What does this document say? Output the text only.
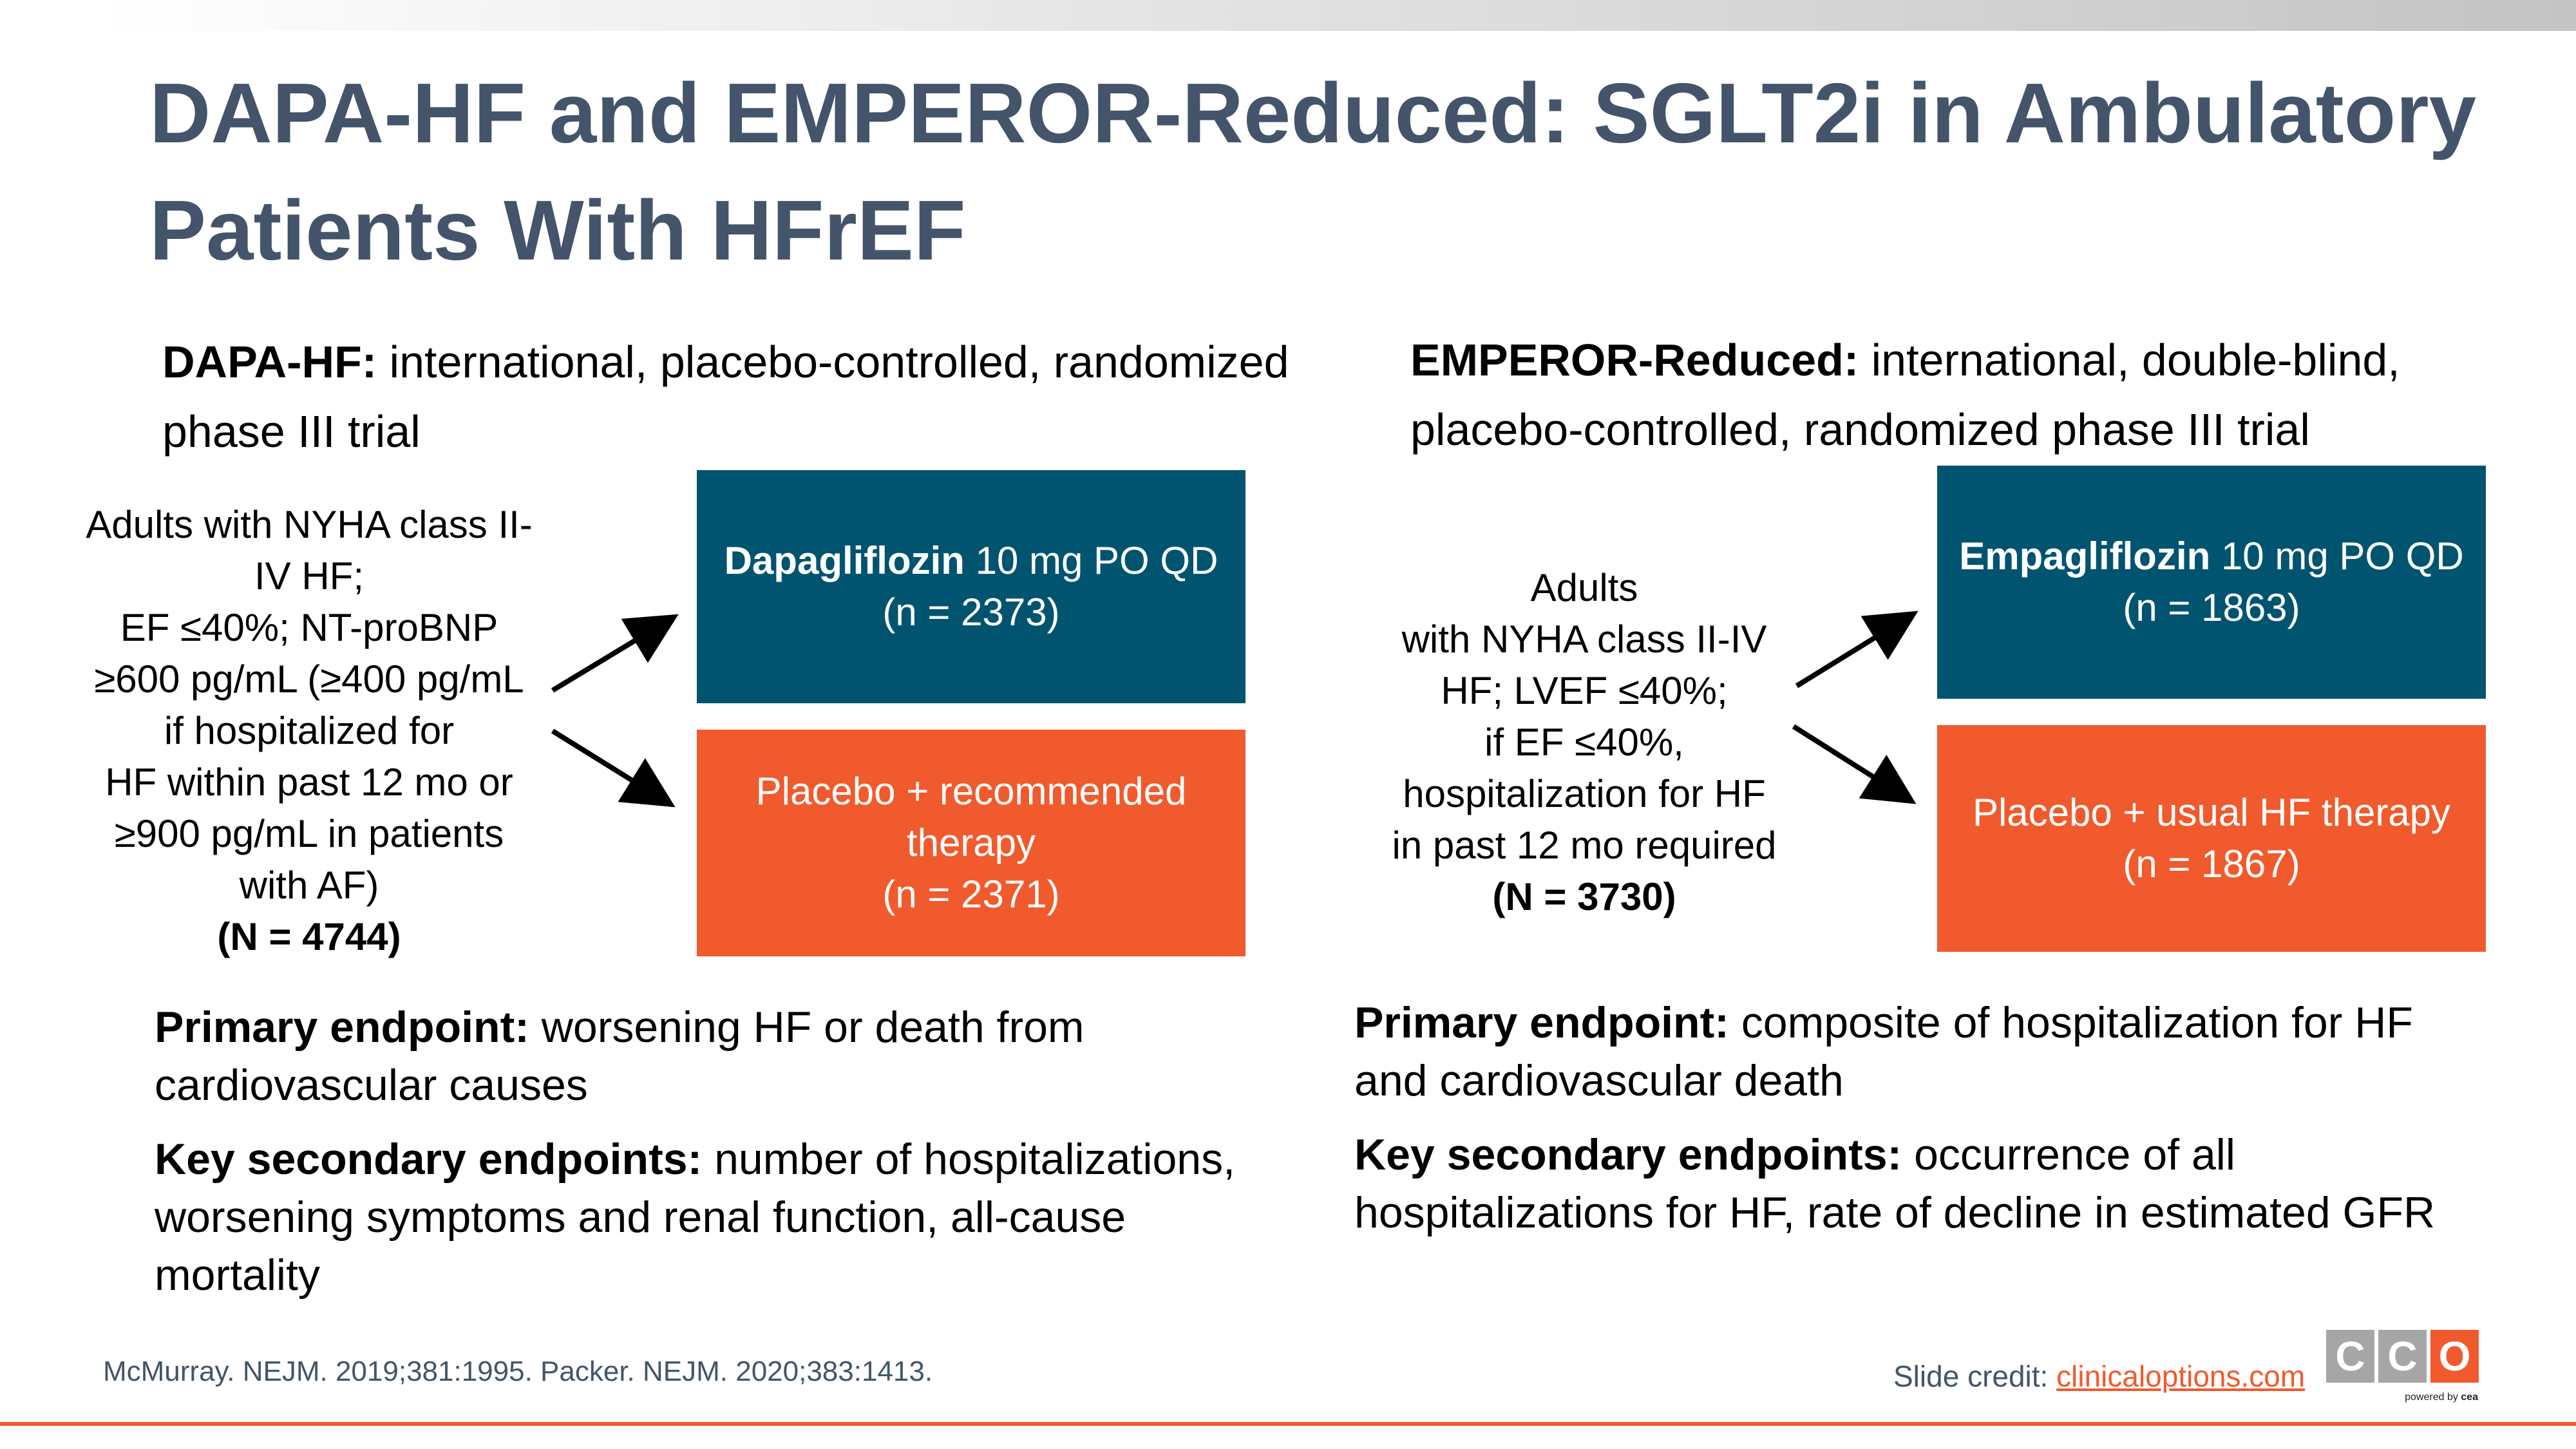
DAPA-HF and EMPEROR-Reduced: SGLT2i in Ambulatory Patients With HFrEF
DAPA-HF: international, placebo-controlled, randomized phase III trial
Adults with NYHA class II-
IV HF;
EF ≤40%; NT-proBNP
≥600 pg/mL (≥400 pg/mL
if hospitalized for
HF within past 12 mo or
≥900 pg/mL in patients
with AF)
(N = 4744)
Dapagliflozin 10 mg PO QD
(n = 2373)
Placebo + recommended
therapy
(n = 2371)
EMPEROR-Reduced: international, double-blind, placebo-controlled, randomized phase III trial
Adults
with NYHA class II-IV
HF; LVEF ≤40%;
if EF ≤40%,
hospitalization for HF
in past 12 mo required
(N = 3730)
Empagliflozin 10 mg PO QD
(n = 1863)
Placebo + usual HF therapy
(n = 1867)
Primary endpoint: worsening HF or death from cardiovascular causes
Key secondary endpoints: number of hospitalizations, worsening symptoms and renal function, all-cause mortality
Primary endpoint: composite of hospitalization for HF and cardiovascular death
Key secondary endpoints: occurrence of all hospitalizations for HF, rate of decline in estimated GFR
McMurray. NEJM. 2019;381:1995. Packer. NEJM. 2020;383:1413.	Slide credit: clinicaloptions.com C C O
powered by cea
